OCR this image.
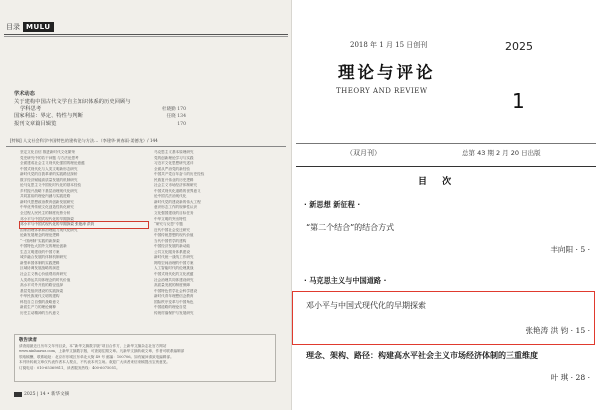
目录 MULU
学术动态
关于建构中国古代文学自主知识体系的历史回顾与
学科思考	杜晓勤 170
国家利益：界定、特性与判断	任晓 134
报刊文章篇目辑览	170
[特稿] 人文社会科学中国特色的建构论与方法…（李建华·黄春雨·姜德龙）/ 144
坚定文化自信 推进新时代文化繁荣
党史研究中的若干问题 与方法论思考
全面建成社会主义现代化强国的理论意蕴
中国式现代化与人类文明新形态研究
新时代党的自我革命的实践路径探析
数字经济赋能高质量发展的机制研究
论马克思主义中国化时代化的基本经验
乡村振兴战略下基层治理现代化研究
共同富裕的理论内涵与实践进路
新时代思想政治教育创新发展研究
中华优秀传统文化创造性转化研究
全过程人民民主的制度优势分析
邓小平与中国式现代化的早期探索
邓小平与中国式现代化的早期探索 张艳涛 洪钧
国家治理体系和治理能力现代化研究
论新发展理念的理论逻辑
“一国两制”实践的新探索
中国特色大国外交的理论创新
生态文明建设的中国方案
城乡融合发展的体制机制研究
新型举国体制的实践逻辑
区域协调发展战略的演进
社会主义核心价值观培育研究
人类命运共同体理念的时代价值
高水平对外开放的路径选择
基层党组织建设的实践探索
中华民族现代文明的建构
科技自立自强的战略意义
新质生产力的理论阐释
历史主动精神的当代意义
马克思主义基本原理研究
党的创新理论学习与实践
习近平文化思想研究述评
全面从严治党的新经验
中国共产党百年奋斗的历史经验
民族复兴伟业的历史逻辑
社会主义市场经济体制研究
中国式现代化道路的世界意义
论中国式法治现代化
新时代党的建设新的伟大工程
意识形态工作的规律性认识
文化强国建设的目标任务
中华文明的突出特性
“研究与反思”专题
近代中国社会变迁研究
中国传统思想的现代价值
当代中国哲学的建构
中国经济发展的新动能
公共文化服务体系建设
新时代统一战线工作研究
网络空间治理的中国方案
人工智能时代的伦理挑战
中国式现代化的文化底蕴
社会治理共同体建设研究
高质量发展的制度保障
中国特色哲学社会科学建设
新时代青年理想信念教育
国际秩序变革与中国角色
中国道路的理论自觉
传统村落保护与发展研究
敬告读者
请查阅最近日历年文年刊目录，本“新华文摘数字版”项目合作方，上新华文摘杂志社官方网站
www.xinhuawz.com，上新华文摘数字版，可查阅往期文章。凡新华文摘转载文章，作者可联系编辑部
领取稿酬，联系地址：北京市东城区东单北大街 49 号 邮编：100706。如有疑问请致电编辑部。
本刊所转载文章仅代表作者本人观点，不代表本刊立场。欢迎广大读者来信来稿提出宝贵意见。
订阅电话：010-65369811，读者服务热线：400-6075051。
2025 | 14 • 新华文摘
2018 年 1 月 15 日创刊	2025
理论与评论
THEORY AND REVIEW	1
（双月刊）	总第 43 期 2 月 20 日出版
目 次
· 新思想 新征程 ·
“第二个结合”的结合方式
丰向阳 · 5 ·
· 马克思主义与中国道路 ·
邓小平与中国式现代化的早期探索
张艳涛 洪 钧 · 15 ·
理念、架构、路径：构建高水平社会主义市场经济体制的三重维度
叶 琪 · 28 ·
